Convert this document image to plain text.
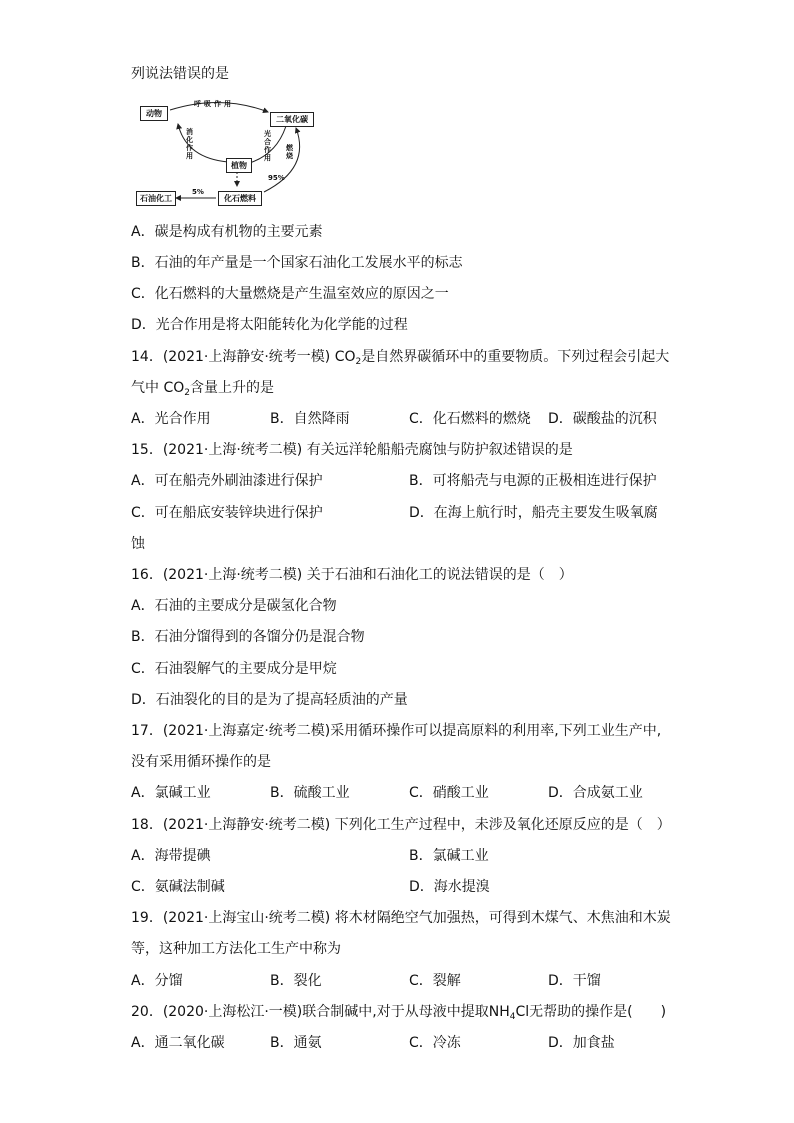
列说法错误的是
动物
二氧化碳
植物
化石燃料
石油化工
呼吸作用
消化作用
光合作用
燃烧
95%
5%
A．碳是构成有机物的主要元素
B．石油的年产量是一个国家石油化工发展水平的标志
C．化石燃料的大量燃烧是产生温室效应的原因之一
D．光合作用是将太阳能转化为化学能的过程
14．(2021·上海静安·统考一模) $CO_2$是自然界碳循环中的重要物质。下列过程会引起大
气中 $CO_2$含量上升的是
A．光合作用	B．自然降雨	C．化石燃料的燃烧 D．碳酸盐的沉积
15．(2021·上海·统考二模) 有关远洋轮船船壳腐蚀与防护叙述错误的是
A．可在船壳外刷油漆进行保护	B．可将船壳与电源的正极相连进行保护
C．可在船底安装锌块进行保护	D．在海上航行时，船壳主要发生吸氧腐
蚀
16．(2021·上海·统考二模) 关于石油和石油化工的说法错误的是（　）
A．石油的主要成分是碳氢化合物
B．石油分馏得到的各馏分仍是混合物
C．石油裂解气的主要成分是甲烷
D．石油裂化的目的是为了提高轻质油的产量
17．(2021·上海嘉定·统考二模)采用循环操作可以提高原料的利用率,下列工业生产中,
没有采用循环操作的是
A．氯碱工业	B．硫酸工业	C．硝酸工业	D．合成氨工业
18．(2021·上海静安·统考二模) 下列化工生产过程中，未涉及氧化还原反应的是（　）
A．海带提碘	B．氯碱工业
C．氨碱法制碱	D．海水提溴
19．(2021·上海宝山·统考二模) 将木材隔绝空气加强热，可得到木煤气、木焦油和木炭
等，这种加工方法化工生产中称为
A．分馏	B．裂化	C．裂解	D．干馏
20．(2020·上海松江·一模)联合制碱中,对于从母液中提取$NH_4Cl$无帮助的操作是(　　)
A．通二氧化碳	B．通氨	C．冷冻	D．加食盐
